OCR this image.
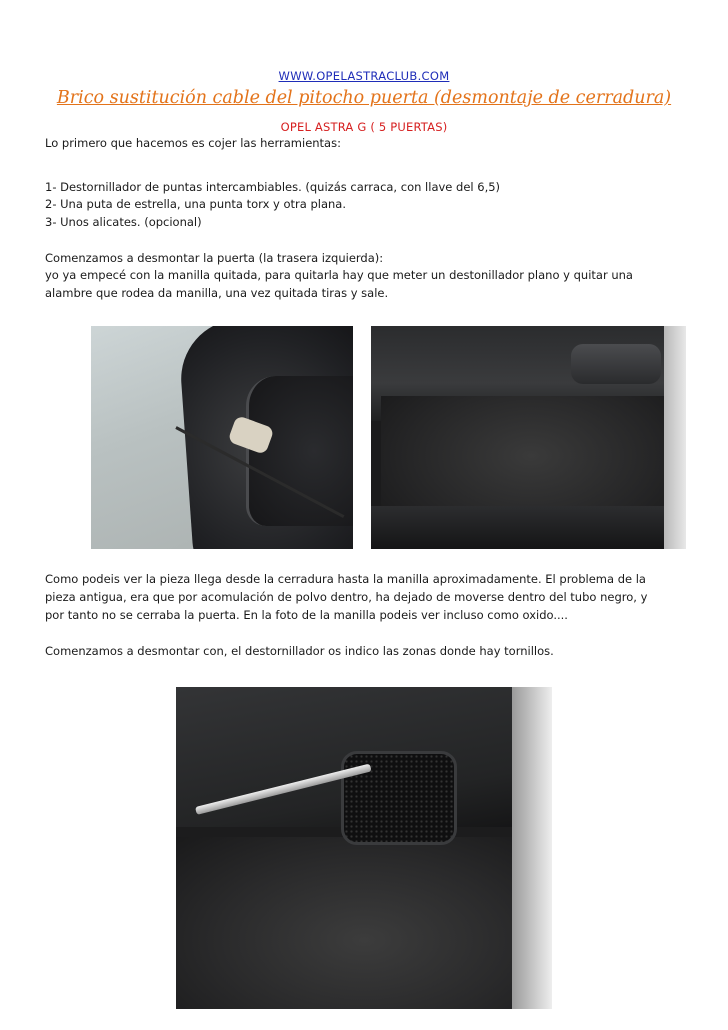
WWW.OPELASTRACLUB.COM
Brico sustitución cable del pitocho puerta (desmontaje de cerradura)
OPEL ASTRA G ( 5 PUERTAS)
Lo primero que hacemos es cojer las herramientas:
1- Destornillador de puntas intercambiables. (quizás carraca, con llave del 6,5)
2- Una puta de estrella, una punta torx y otra plana.
3- Unos alicates. (opcional)
Comenzamos a desmontar la puerta (la trasera izquierda):
yo ya empecé con la manilla quitada, para quitarla hay que meter un destonillador plano y quitar una
alambre que rodea da manilla, una vez quitada tiras y sale.
Como podeis ver la pieza llega desde la cerradura hasta la manilla aproximadamente. El problema de la
pieza antigua, era que por acomulación de polvo dentro, ha dejado de moverse dentro del tubo negro, y
por tanto no se cerraba la puerta. En la foto de la manilla podeis ver incluso como oxido....
Comenzamos a desmontar con, el destornillador os indico las zonas donde hay tornillos.
